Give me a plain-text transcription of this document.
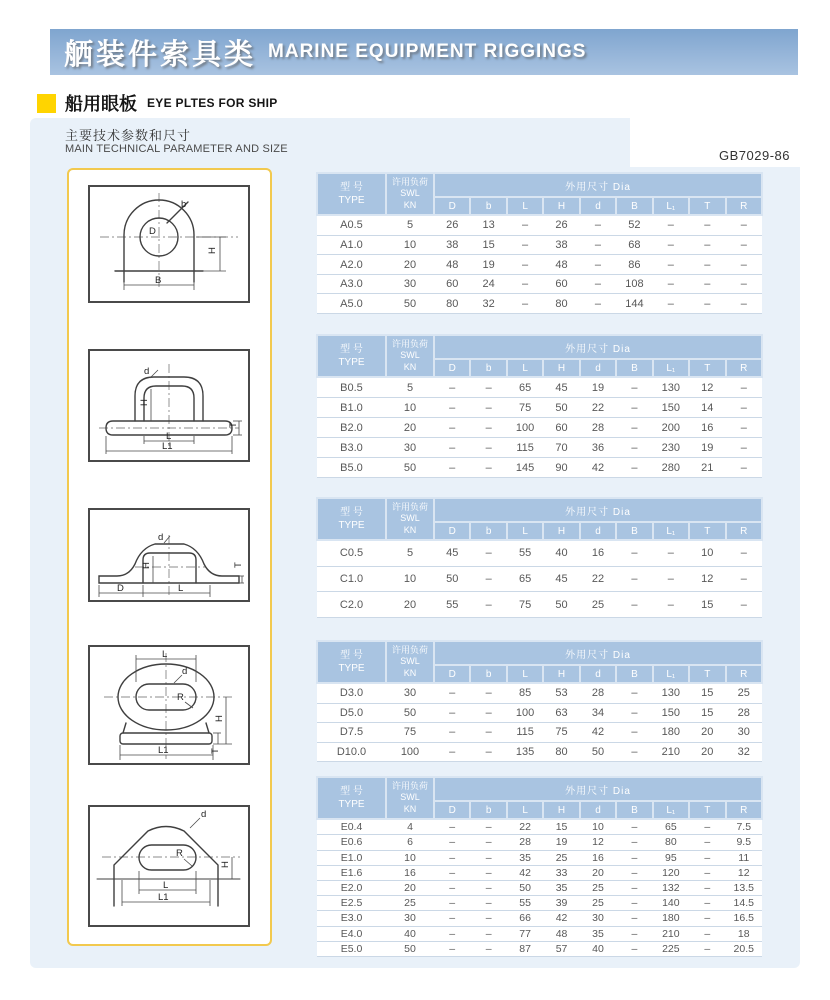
舾装件索具类 MARINE EQUIPMENT RIGGINGS
船用眼板 EYE PLTES FOR SHIP
主要技术参数和尺寸
MAIN TECHNICAL PARAMETER AND SIZE	GB7029-86
D
b
H
B
d
H
L
L1
T
d
H
D	L
T
L
d
R
H
T
L1
d
R
H
L
L1
型 号
TYPE

许用负荷
SWL
KN
	外用尺寸 Dia
		D	b	L	H	d	B	L₁	T	R
A0.5	5	26	13	–	26	–	52	–	–	–
A1.0	10	38	15	–	38	–	68	–	–	–
A2.0	20	48	19	–	48	–	86	–	–	–
A3.0	30	60	24	–	60	–	108	–	–	–
A5.0	50	80	32	–	80	–	144	–	–	–
型 号
TYPE

许用负荷
SWL
KN
	外用尺寸 Dia
		D	b	L	H	d	B	L₁	T	R
B0.5	5	–	–	65	45	19	–	130	12	–
B1.0	10	–	–	75	50	22	–	150	14	–
B2.0	20	–	–	100	60	28	–	200	16	–
B3.0	30	–	–	115	70	36	–	230	19	–
B5.0	50	–	–	145	90	42	–	280	21	–
型 号
TYPE

许用负荷
SWL
KN
	外用尺寸 Dia
		D	b	L	H	d	B	L₁	T	R
C0.5	5	45	–	55	40	16	–	–	10	–
C1.0	10	50	–	65	45	22	–	–	12	–
C2.0	20	55	–	75	50	25	–	–	15	–
型 号
TYPE

许用负荷
SWL
KN
	外用尺寸 Dia
		D	b	L	H	d	B	L₁	T	R
D3.0	30	–	–	85	53	28	–	130	15	25
D5.0	50	–	–	100	63	34	–	150	15	28
D7.5	75	–	–	115	75	42	–	180	20	30
D10.0	100	–	–	135	80	50	–	210	20	32
型 号
TYPE

许用负荷
SWL
KN
	外用尺寸 Dia
		D	b	L	H	d	B	L₁	T	R
E0.4	4	–	–	22	15	10	–	65	–	7.5
E0.6	6	–	–	28	19	12	–	80	–	9.5
E1.0	10	–	–	35	25	16	–	95	–	11
E1.6	16	–	–	42	33	20	–	120	–	12
E2.0	20	–	–	50	35	25	–	132	–	13.5
E2.5	25	–	–	55	39	25	–	140	–	14.5
E3.0	30	–	–	66	42	30	–	180	–	16.5
E4.0	40	–	–	77	48	35	–	210	–	18
E5.0	50	–	–	87	57	40	–	225	–	20.5
